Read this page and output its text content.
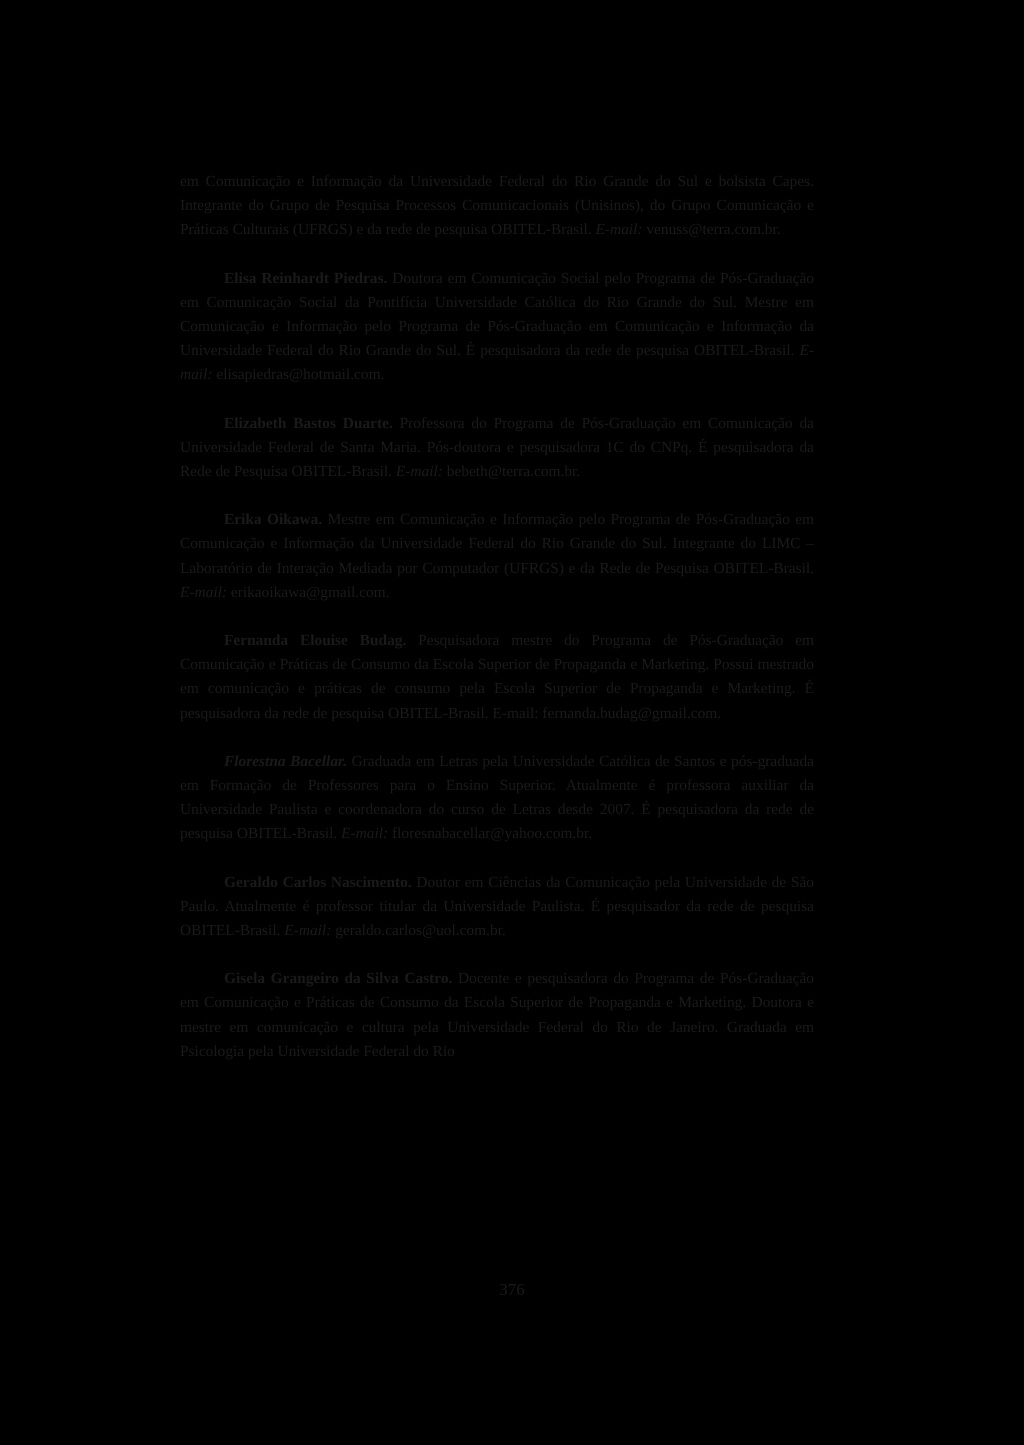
em Comunicação e Informação da Universidade Federal do Rio Grande do Sul e bolsista Capes. Integrante do Grupo de Pesquisa Processos Comunicacionais (Unisinos), do Grupo Comunicação e Práticas Culturais (UFRGS) e da rede de pesquisa OBITEL-Brasil. E-mail: venuss@terra.com.br.

Elisa Reinhardt Piedras. Doutora em Comunicação Social pelo Programa de Pós-Graduação em Comunicação Social da Pontifícia Universidade Católica do Rio Grande do Sul. Mestre em Comunicação e Informação pelo Programa de Pós-Graduação em Comunicação e Informação da Universidade Federal do Rio Grande do Sul. É pesquisadora da rede de pesquisa OBITEL-Brasil. E-mail: elisapiedras@hotmail.com.

Elizabeth Bastos Duarte. Professora do Programa de Pós-Graduação em Comunicação da Universidade Federal de Santa Maria. Pós-doutora e pesquisadora 1C do CNPq. É pesquisadora da Rede de Pesquisa OBITEL-Brasil. E-mail: bebeth@terra.com.br.

Erika Oikawa. Mestre em Comunicação e Informação pelo Programa de Pós-Graduação em Comunicação e Informação da Universidade Federal do Rio Grande do Sul. Integrante do LIMC – Laboratório de Interação Mediada por Computador (UFRGS) e da Rede de Pesquisa OBITEL-Brasil. E-mail: erikaoikawa@gmail.com.

Fernanda Elouise Budag. Pesquisadora mestre do Programa de Pós-Graduação em Comunicação e Práticas de Consumo da Escola Superior de Propaganda e Marketing. Possui mestrado em comunicação e práticas de consumo pela Escola Superior de Propaganda e Marketing. É pesquisadora da rede de pesquisa OBITEL-Brasil. E-mail: fernanda.budag@gmail.com.

Florestna Bacellar. Graduada em Letras pela Universidade Católica de Santos e pós-graduada em Formação de Professores para o Ensino Superior. Atualmente é professora auxiliar da Universidade Paulista e coordenadora do curso de Letras desde 2007. É pesquisadora da rede de pesquisa OBITEL-Brasil. E-mail: floresnabacellar@yahoo.com.br.

Geraldo Carlos Nascimento. Doutor em Ciências da Comunicação pela Universidade de São Paulo. Atualmente é professor titular da Universidade Paulista. É pesquisador da rede de pesquisa OBITEL-Brasil. E-mail: geraldo.carlos@uol.com.br.

Gisela Grangeiro da Silva Castro. Docente e pesquisadora do Programa de Pós-Graduação em Comunicação e Práticas de Consumo da Escola Superior de Propaganda e Marketing. Doutora e mestre em comunicação e cultura pela Universidade Federal do Rio de Janeiro. Graduada em Psicologia pela Universidade Federal do Rio

376
